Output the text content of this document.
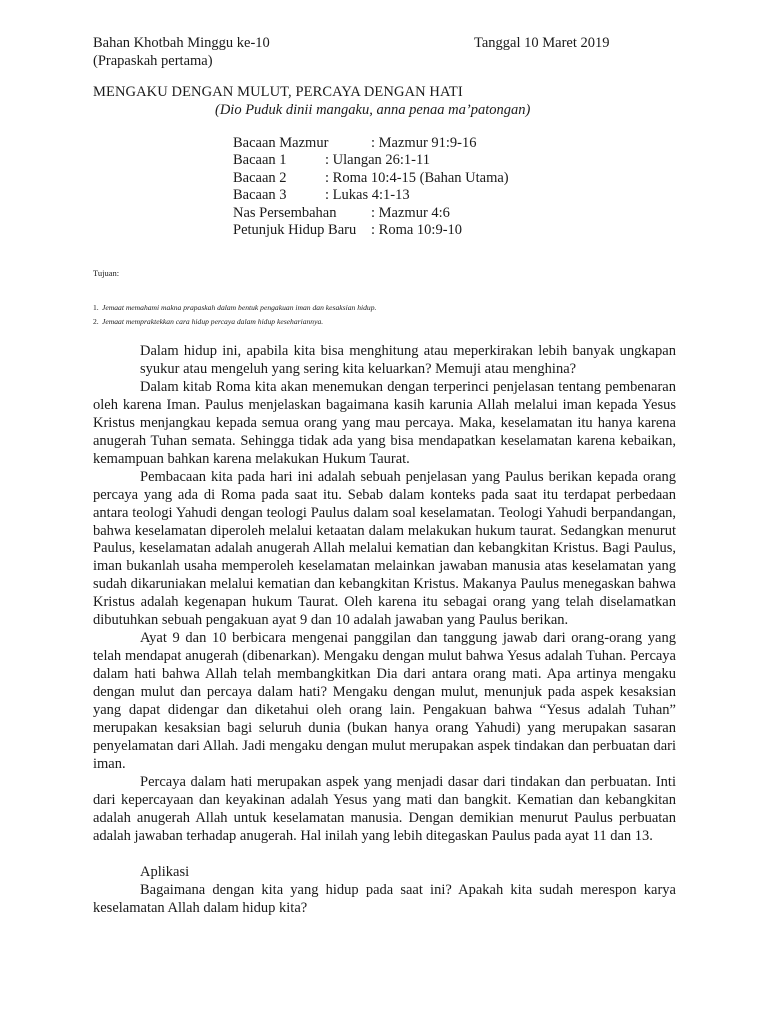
Bahan Khotbah Minggu ke-10
(Prapaskah pertama)
Tanggal 10 Maret 2019
MENGAKU DENGAN MULUT, PERCAYA DENGAN HATI
(Dio Puduk dinii mangaku, anna penaa ma’patongan)
Bacaan Mazmur	: Mazmur 91:9-16
Bacaan 1	: Ulangan 26:1-11
Bacaan 2	: Roma 10:4-15 (Bahan Utama)
Bacaan 3	: Lukas 4:1-13
Nas Persembahan : Mazmur 4:6
Petunjuk Hidup Baru : Roma 10:9-10
Tujuan:
1. Jemaat memahami makna prapaskah dalam bentuk pengakuan iman dan kesaksian hidup.
2. Jemaat mempraktekkan cara hidup percaya dalam hidup kesehariannya.

Dalam hidup ini, apabila kita bisa menghitung atau meperkirakan lebih banyak ungkapan syukur atau mengeluh yang sering kita keluarkan? Memuji atau menghina?

Dalam kitab Roma kita akan menemukan dengan terperinci penjelasan tentang pembenaran oleh karena Iman. Paulus menjelaskan bagaimana kasih karunia Allah melalui iman kepada Yesus Kristus menjangkau kepada semua orang yang mau percaya. Maka, keselamatan itu hanya karena anugerah Tuhan semata. Sehingga tidak ada yang bisa mendapatkan keselamatan karena kebaikan, kemampuan bahkan karena melakukan Hukum Taurat.

Pembacaan kita pada hari ini adalah sebuah penjelasan yang Paulus berikan kepada orang percaya yang ada di Roma pada saat itu. Sebab dalam konteks pada saat itu terdapat perbedaan antara teologi Yahudi dengan teologi Paulus dalam soal keselamatan. Teologi Yahudi berpandangan, bahwa keselamatan diperoleh melalui ketaatan dalam melakukan hukum taurat. Sedangkan menurut Paulus, keselamatan adalah anugerah Allah melalui kematian dan kebangkitan Kristus. Bagi Paulus, iman bukanlah usaha memperoleh keselamatan melainkan jawaban manusia atas keselamatan yang sudah dikaruniakan melalui kematian dan kebangkitan Kristus. Makanya Paulus menegaskan bahwa Kristus adalah kegenapan hukum Taurat. Oleh karena itu sebagai orang yang telah diselamatkan dibutuhkan sebuah pengakuan ayat 9 dan 10 adalah jawaban yang Paulus berikan.

Ayat 9 dan 10 berbicara mengenai panggilan dan tanggung jawab dari orang-orang yang telah mendapat anugerah (dibenarkan). Mengaku dengan mulut bahwa Yesus adalah Tuhan. Percaya dalam hati bahwa Allah telah membangkitkan Dia dari antara orang mati. Apa artinya mengaku dengan mulut dan percaya dalam hati? Mengaku dengan mulut, menunjuk pada aspek kesaksian yang dapat didengar dan diketahui oleh orang lain. Pengakuan bahwa “Yesus adalah Tuhan” merupakan kesaksian bagi seluruh dunia (bukan hanya orang Yahudi) yang merupakan sasaran penyelamatan dari Allah. Jadi mengaku dengan mulut merupakan aspek tindakan dan perbuatan dari iman.

Percaya dalam hati merupakan aspek yang menjadi dasar dari tindakan dan perbuatan. Inti dari kepercayaan dan keyakinan adalah Yesus yang mati dan bangkit. Kematian dan kebangkitan adalah anugerah Allah untuk keselamatan manusia. Dengan demikian menurut Paulus perbuatan adalah jawaban terhadap anugerah. Hal inilah yang lebih ditegaskan Paulus pada ayat 11 dan 13.

Aplikasi

Bagaimana dengan kita yang hidup pada saat ini? Apakah kita sudah merespon karya keselamatan Allah dalam hidup kita?
